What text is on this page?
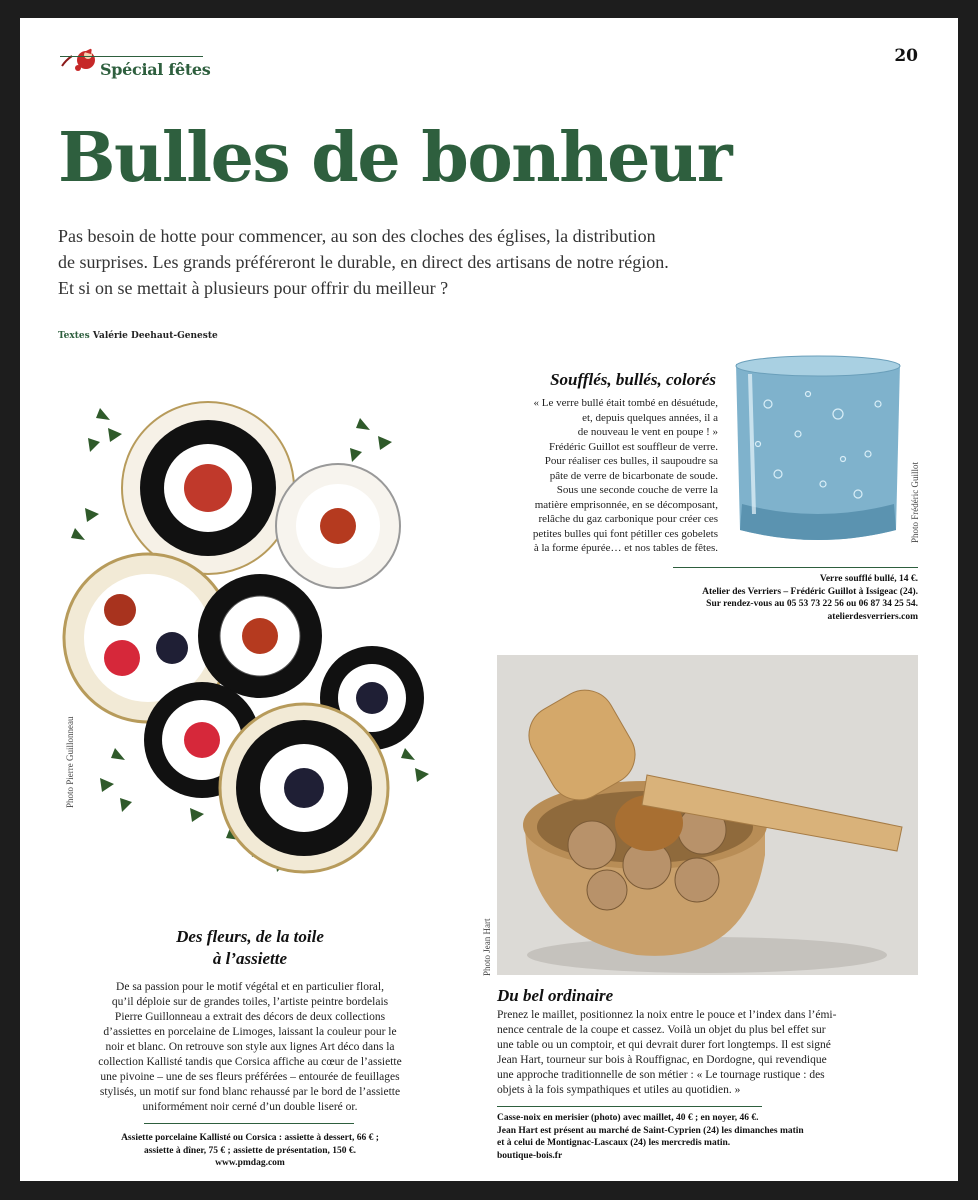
Spécial fêtes
20
Bulles de bonheur
Pas besoin de hotte pour commencer, au son des cloches des églises, la distribution
de surprises. Les grands préféreront le durable, en direct des artisans de notre région.
Et si on se mettait à plusieurs pour offrir du meilleur ?
Textes Valérie Deehaut-Geneste
Photo Pierre Guillonneau
Soufflés, bullés, colorés
« Le verre bullé était tombé en désuétude,
et, depuis quelques années, il a
de nouveau le vent en poupe ! »
Frédéric Guillot est souffleur de verre.
Pour réaliser ces bulles, il saupoudre sa
pâte de verre de bicarbonate de soude.
Sous une seconde couche de verre la
matière emprisonnée, en se décomposant,
relâche du gaz carbonique pour créer ces
petites bulles qui font pétiller ces gobelets
à la forme épurée… et nos tables de fêtes.
Photo Frédéric Guillot
Verre soufflé bullé, 14 €.
Atelier des Verriers – Frédéric Guillot à Issigeac (24).
Sur rendez-vous au 05 53 73 22 56 ou 06 87 34 25 54.
atelierdesverriers.com
Photo Jean Hart
Des fleurs, de la toile
à l’assiette
De sa passion pour le motif végétal et en particulier floral,
qu’il déploie sur de grandes toiles, l’artiste peintre bordelais
Pierre Guillonneau a extrait des décors de deux collections
d’assiettes en porcelaine de Limoges, laissant la couleur pour le
noir et blanc. On retrouve son style aux lignes Art déco dans la
collection Kallisté tandis que Corsica affiche au cœur de l’assiette
une pivoine – une de ses fleurs préférées – entourée de feuillages
stylisés, un motif sur fond blanc rehaussé par le bord de l’assiette
uniformément noir cerné d’un double liseré or.
Assiette porcelaine Kallisté ou Corsica : assiette à dessert, 66 € ;
assiette à dîner, 75 € ; assiette de présentation, 150 €.
www.pmdag.com
Du bel ordinaire
Prenez le maillet, positionnez la noix entre le pouce et l’index dans l’émi-
nence centrale de la coupe et cassez. Voilà un objet du plus bel effet sur
une table ou un comptoir, et qui devrait durer fort longtemps. Il est signé
Jean Hart, tourneur sur bois à Rouffignac, en Dordogne, qui revendique
une approche traditionnelle de son métier : « Le tournage rustique : des
objets à la fois sympathiques et utiles au quotidien. »
Casse-noix en merisier (photo) avec maillet, 40 € ; en noyer, 46 €.
Jean Hart est présent au marché de Saint-Cyprien (24) les dimanches matin
et à celui de Montignac-Lascaux (24) les mercredis matin.
boutique-bois.fr
